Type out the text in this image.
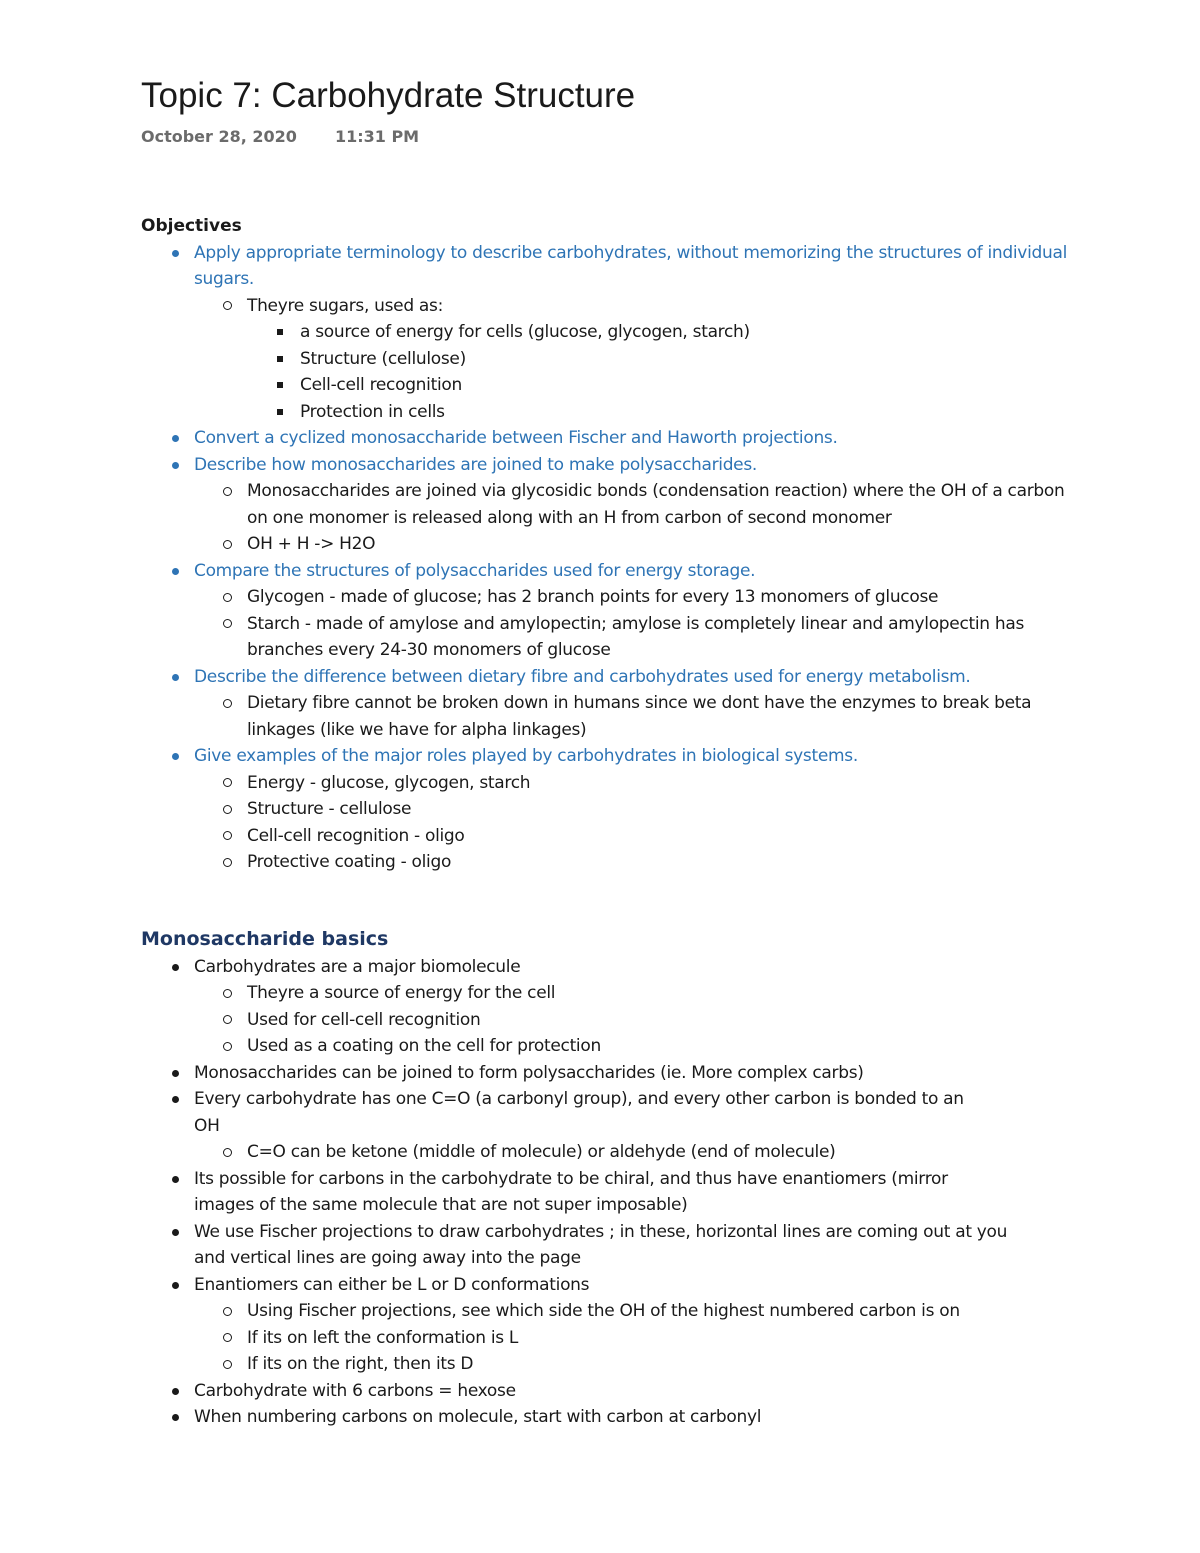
Topic 7: Carbohydrate Structure
October 28, 2020 11:31 PM
Objectives
Apply appropriate terminology to describe carbohydrates, without memorizing the structures of individual sugars.
Theyre sugars, used as:
a source of energy for cells (glucose, glycogen, starch)
Structure (cellulose)
Cell-cell recognition
Protection in cells
Convert a cyclized monosaccharide between Fischer and Haworth projections.
Describe how monosaccharides are joined to make polysaccharides.
Monosaccharides are joined via glycosidic bonds (condensation reaction) where the OH of a carbon on one monomer is released along with an H from carbon of second monomer
OH + H -> H2O
Compare the structures of polysaccharides used for energy storage.
Glycogen - made of glucose; has 2 branch points for every 13 monomers of glucose
Starch - made of amylose and amylopectin; amylose is completely linear and amylopectin has branches every 24-30 monomers of glucose
Describe the difference between dietary fibre and carbohydrates used for energy metabolism.
Dietary fibre cannot be broken down in humans since we dont have the enzymes to break beta linkages (like we have for alpha linkages)
Give examples of the major roles played by carbohydrates in biological systems.
Energy - glucose, glycogen, starch
Structure - cellulose
Cell-cell recognition - oligo
Protective coating - oligo
Monosaccharide basics
Carbohydrates are a major biomolecule
Theyre a source of energy for the cell
Used for cell-cell recognition
Used as a coating on the cell for protection
Monosaccharides can be joined to form polysaccharides (ie. More complex carbs)
Every carbohydrate has one C=O (a carbonyl group), and every other carbon is bonded to an OH
C=O can be ketone (middle of molecule) or aldehyde (end of molecule)
Its possible for carbons in the carbohydrate to be chiral, and thus have enantiomers (mirror images of the same molecule that are not super imposable)
We use Fischer projections to draw carbohydrates ; in these, horizontal lines are coming out at you and vertical lines are going away into the page
Enantiomers can either be L or D conformations
Using Fischer projections, see which side the OH of the highest numbered carbon is on
If its on left the conformation is L
If its on the right, then its D
Carbohydrate with 6 carbons = hexose
When numbering carbons on molecule, start with carbon at carbonyl
